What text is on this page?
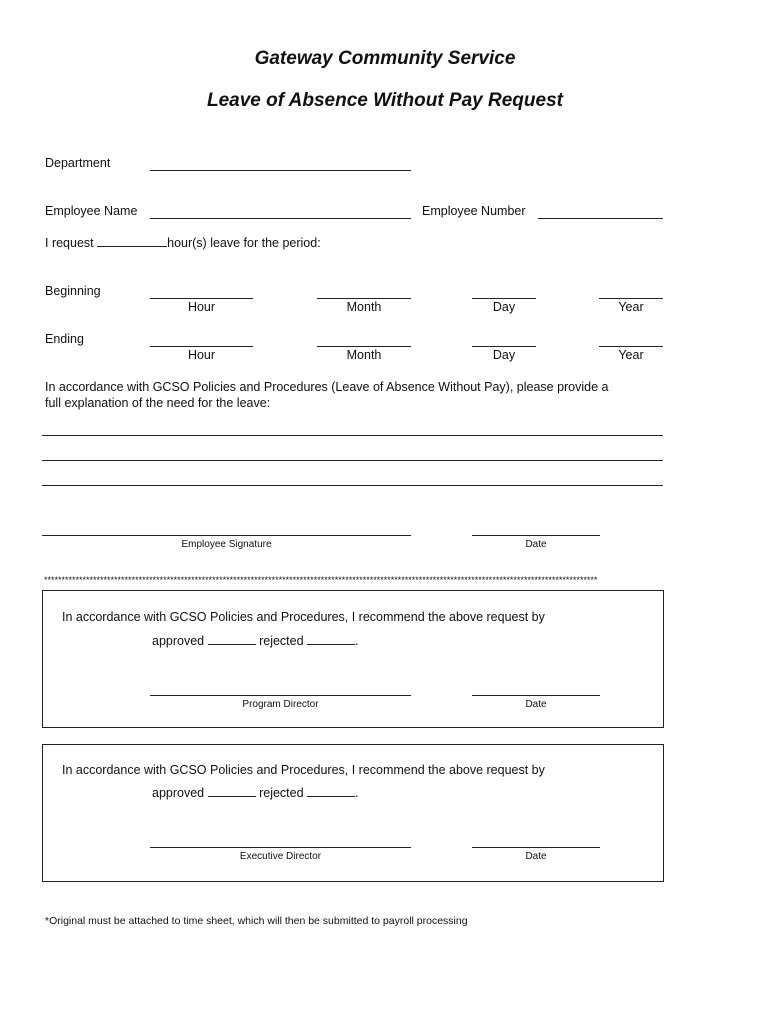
Gateway Community Service
Leave of Absence Without Pay Request
Department
Employee Name	Employee Number
I request	hour(s) leave for the period:
Beginning
Hour	Month	Day	Year
Ending
Hour	Month	Day	Year
In accordance with GCSO Policies and Procedures (Leave of Absence Without Pay), please provide a
full explanation of the need for the leave:
Employee Signature	Date
**************************************************************************************************************************************************************
In accordance with GCSO Policies and Procedures, I recommend the above request by
approved	rejected	.
Program Director	Date
In accordance with GCSO Policies and Procedures, I recommend the above request by
approved	rejected	.
Executive Director	Date
*Original must be attached to time sheet, which will then be submitted to payroll processing
